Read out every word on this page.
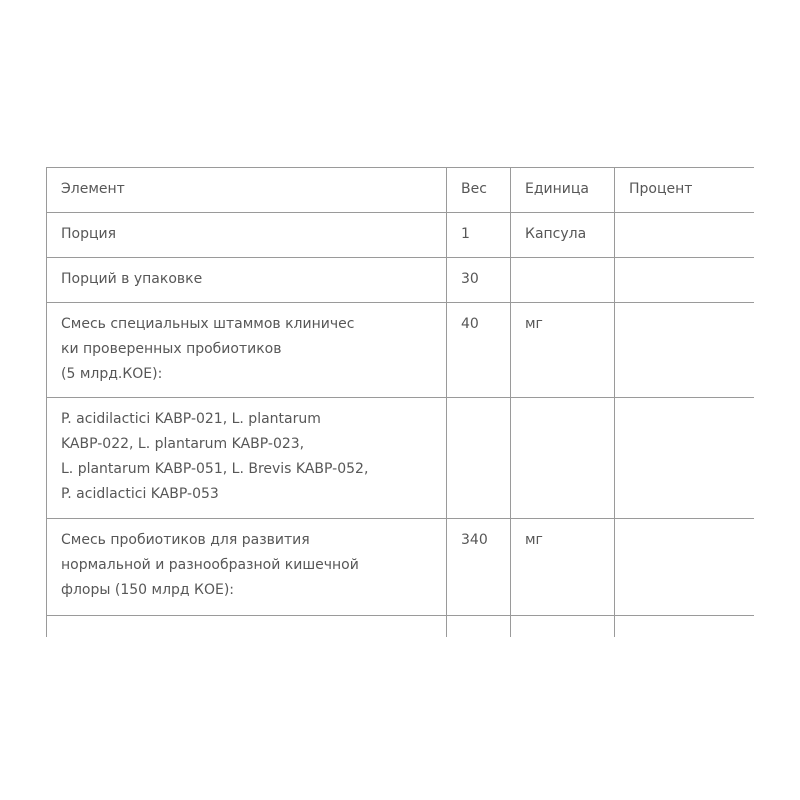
Элемент	Вес	Единица	Процент
Порция	1	Капсула	
Порций в упаковке	30		
Смесь специальных штаммов клиничес
ки проверенных пробиотиков
(5 млрд.КОЕ):	40	мг	
P. acidilactici KABP-021, L. plantarum
KABP-022, L. plantarum KABP-023,
L. plantarum KABP-051, L. Brevis KABP-052,
P. acidlactici KABP-053			
Смесь пробиотиков для развития
нормальной и разнообразной кишечной
флоры (150 млрд КОЕ):	340	мг	
